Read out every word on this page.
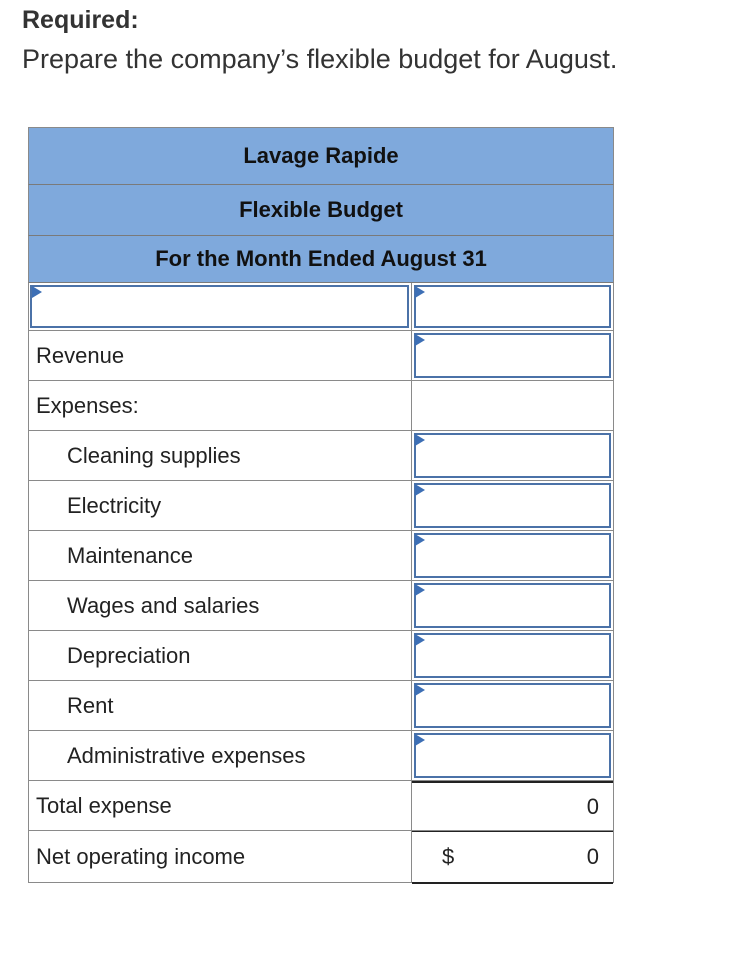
Required:

Prepare the company’s flexible budget for August.

Lavage Rapide
Flexible Budget
For the Month Ended August 31
Revenue
Expenses:
Cleaning supplies
Electricity
Maintenance
Wages and salaries
Depreciation
Rent
Administrative expenses
Total expense	0
Net operating income	$	0
